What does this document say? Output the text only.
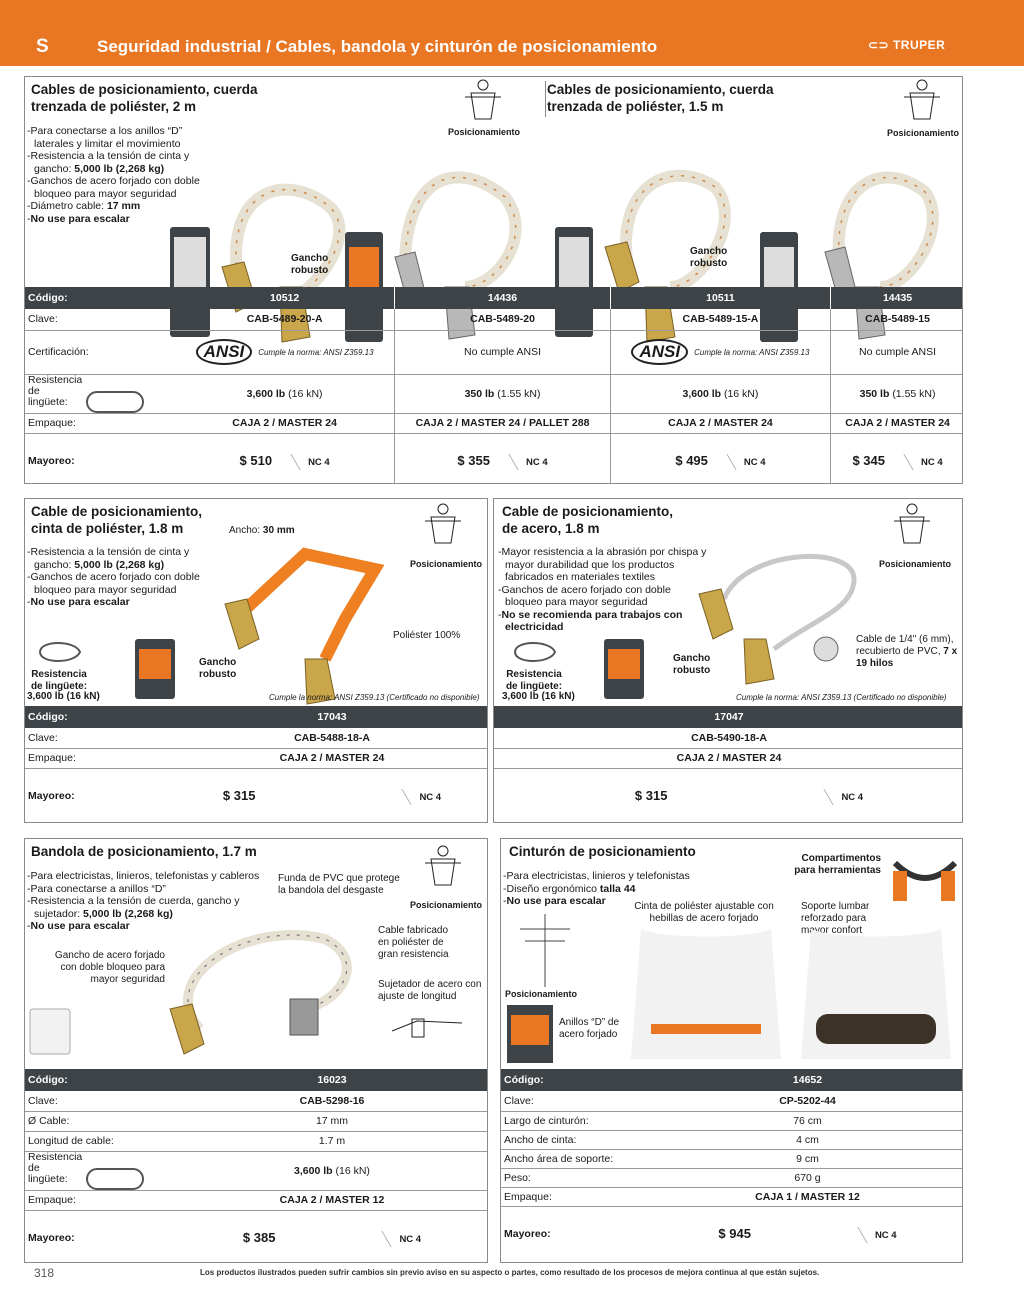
S	Seguridad industrial / Cables, bandola y cinturón de posicionamiento	⊂⊃ TRUPER
Cables de posicionamiento, cuerda trenzada de poliéster, 2 m
Cables de posicionamiento, cuerda trenzada de poliéster, 1.5 m
- Para conectarse a los anillos “D” laterales y limitar el movimiento
- Resistencia a la tensión de cinta y gancho: 5,000 lb (2,268 kg)
- Ganchos de acero forjado con doble bloqueo para mayor seguridad
- Diámetro cable: 17 mm
- No use para escalar
Posicionamiento	Posicionamiento
Gancho robusto
Gancho robusto
Código:	10512	14436	10511	14435
Clave:	CAB-5489-20-A	CAB-5489-20	CAB-5489-15-A	CAB-5489-15
Certificación:	ANSI Cumple la norma: ANSI Z359.13	No cumple ANSI	ANSI Cumple la norma: ANSI Z359.13	No cumple ANSI
Resistencia de lingüete:	3,600 lb (16 kN)	350 lb (1.55 kN)	3,600 lb (16 kN)	350 lb (1.55 kN)
Empaque:	CAJA 2 / MASTER 24	CAJA 2 / MASTER 24 / PALLET 288	CAJA 2 / MASTER 24	CAJA 2 / MASTER 24
Mayoreo:	$ 510 NC 4	$ 355 NC 4	$ 495 NC 4	$ 345 NC 4
Cable de posicionamiento, cinta de poliéster, 1.8 m	Ancho: 30 mm
- Resistencia a la tensión de cinta y gancho: 5,000 lb (2,268 kg)
- Ganchos de acero forjado con doble bloqueo para mayor seguridad
- No use para escalar
Posicionamiento
Poliéster 100%
Gancho robusto
Resistencia de lingüete:
3,600 lb (16 kN)	Cumple la norma: ANSI Z359.13 (Certificado no disponible)
Código:	17043
Clave:	CAB-5488-18-A
Empaque:	CAJA 2 / MASTER 24
Mayoreo:	$ 315 NC 4
Cable de posicionamiento, de acero, 1.8 m
- Mayor resistencia a la abrasión por chispa y mayor durabilidad que los productos fabricados en materiales textiles
- Ganchos de acero forjado con doble bloqueo para mayor seguridad
- No se recomienda para trabajos con electricidad
Posicionamiento
Cable de 1/4" (6 mm), recubierto de PVC, 7 x 19 hilos
Gancho robusto
Resistencia de lingüete:
3,600 lb (16 kN)	Cumple la norma: ANSI Z359.13 (Certificado no disponible)
17047
CAB-5490-18-A
CAJA 2 / MASTER 24
$ 315	NC 4
Bandola de posicionamiento, 1.7 m
- Para electricistas, linieros, telefonistas y cableros
- Para conectarse a anillos “D”
- Resistencia a la tensión de cuerda, gancho y sujetador: 5,000 lb (2,268 kg)
- No use para escalar
Funda de PVC que protege la bandola del desgaste
Posicionamiento
Cable fabricado en poliéster de gran resistencia
Gancho de acero forjado con doble bloqueo para mayor seguridad	Sujetador de acero con ajuste de longitud
Código:	16023
Clave:	CAB-5298-16
Ø Cable:	17 mm
Longitud de cable:	1.7 m
Resistencia de lingüete:	3,600 lb (16 kN)
Empaque:	CAJA 2 / MASTER 12
Mayoreo:	$ 385 NC 4
Cinturón de posicionamiento
- Para electricistas, linieros y telefonistas
- Diseño ergonómico talla 44
- No use para escalar
Compartimentos para herramientas
Cinta de poliéster ajustable con hebillas de acero forjado
Soporte lumbar reforzado para mayor confort
Posicionamiento
Anillos “D” de acero forjado
Código:	14652
Clave:	CP-5202-44
Largo de cinturón:	76 cm
Ancho de cinta:	4 cm
Ancho área de soporte:	9 cm
Peso:	670 g
Empaque:	CAJA 1 / MASTER 12
Mayoreo:	$ 945 NC 4
318	Los productos ilustrados pueden sufrir cambios sin previo aviso en su aspecto o partes, como resultado de los procesos de mejora continua al que están sujetos.
